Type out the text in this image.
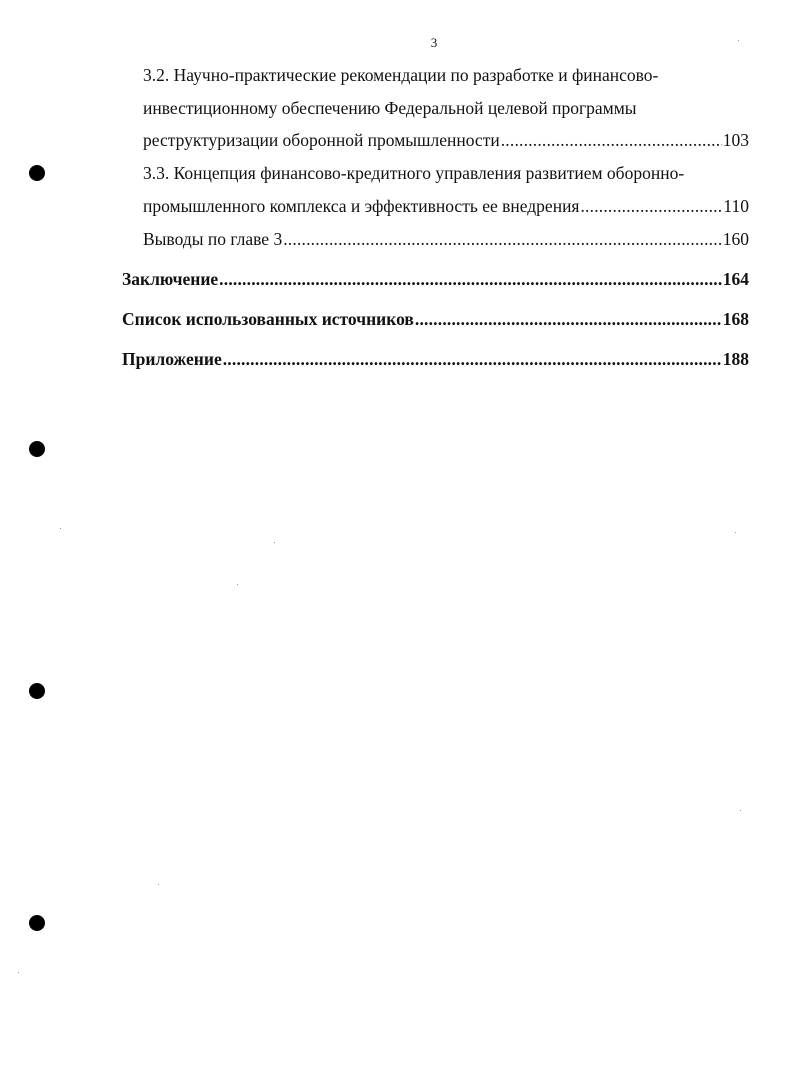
3
3.2. Научно-практические рекомендации по разработке и финансово-
инвестиционному обеспечению Федеральной целевой программы
реструктуризации оборонной промышленности .....	103
3.3. Концепция финансово-кредитного управления развитием оборонно-
промышленного комплекса и эффективность ее внедрения .....	110
Выводы по главе 3 .....	160
Заключение .....	164
Список использованных источников .....	168
Приложение .....	188
